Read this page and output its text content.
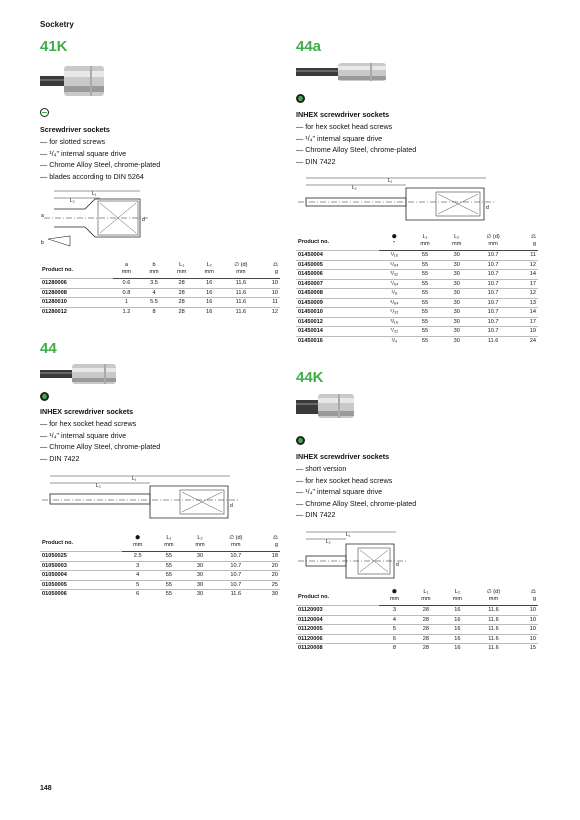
Socketry
41K
Screwdriver sockets
— for slotted screws
— ¹/₄" internal square drive
— Chrome Alloy Steel, chrome-plated
— blades according to DIN 5264
L₁
L₂
d
a
b
Product no.	a	b	L₁	L₂	∅ (d)	⚖
	mm	mm	mm	mm	mm	g
01280006	0.6	3.5	28	16	11.6	10
01280008	0.8	4	28	16	11.6	10
01280010	1	5.5	28	16	11.6	11
01280012	1.2	8	28	16	11.6	12
44
INHEX screwdriver sockets
— for hex socket head screws
— ¹/₄" internal square drive
— Chrome Alloy Steel, chrome-plated
— DIN 7422
L₁
L₂
d
Product no.	⬢	L₁	L₂	∅ (d)	⚖
	mm	mm	mm	mm	g
01050025	2.5	55	30	10.7	18
01050003	3	55	30	10.7	20
01050004	4	55	30	10.7	20
01050005	5	55	30	10.7	25
01050006	6	55	30	11.6	30
44a
INHEX screwdriver sockets
— for hex socket head screws
— ¹/₄" internal square drive
— Chrome Alloy Steel, chrome-plated
— DIN 7422
L₁
L₂
d
Product no.	⬢	L₁	L₂	∅ (d)	⚖
	"	mm	mm	mm	g
01450004	¹/₁₆	55	30	10.7	11
01450005	⁵/₆₄	55	30	10.7	12
01450006	³/₃₂	55	30	10.7	14
01450007	⁷/₆₄	55	30	10.7	17
01450008	¹/₈	55	30	10.7	12
01450009	⁹/₆₄	55	30	10.7	13
01450010	⁵/₃₂	55	30	10.7	14
01450012	³/₁₆	55	30	10.7	17
01450014	⁷/₃₂	55	30	10.7	19
01450016	¹/₄	55	30	11.6	24
44K
INHEX screwdriver sockets
— short version
— for hex socket head screws
— ¹/₄" internal square drive
— Chrome Alloy Steel, chrome-plated
— DIN 7422
L₁
L₂
d
Product no.	⬢	L₁	L₂	∅ (d)	⚖
	mm	mm	mm	mm	g
01120003	3	28	16	11.6	10
01120004	4	28	16	11.6	10
01120005	5	28	16	11.6	10
01120006	6	28	16	11.6	10
01120008	8	28	16	11.6	15
148
